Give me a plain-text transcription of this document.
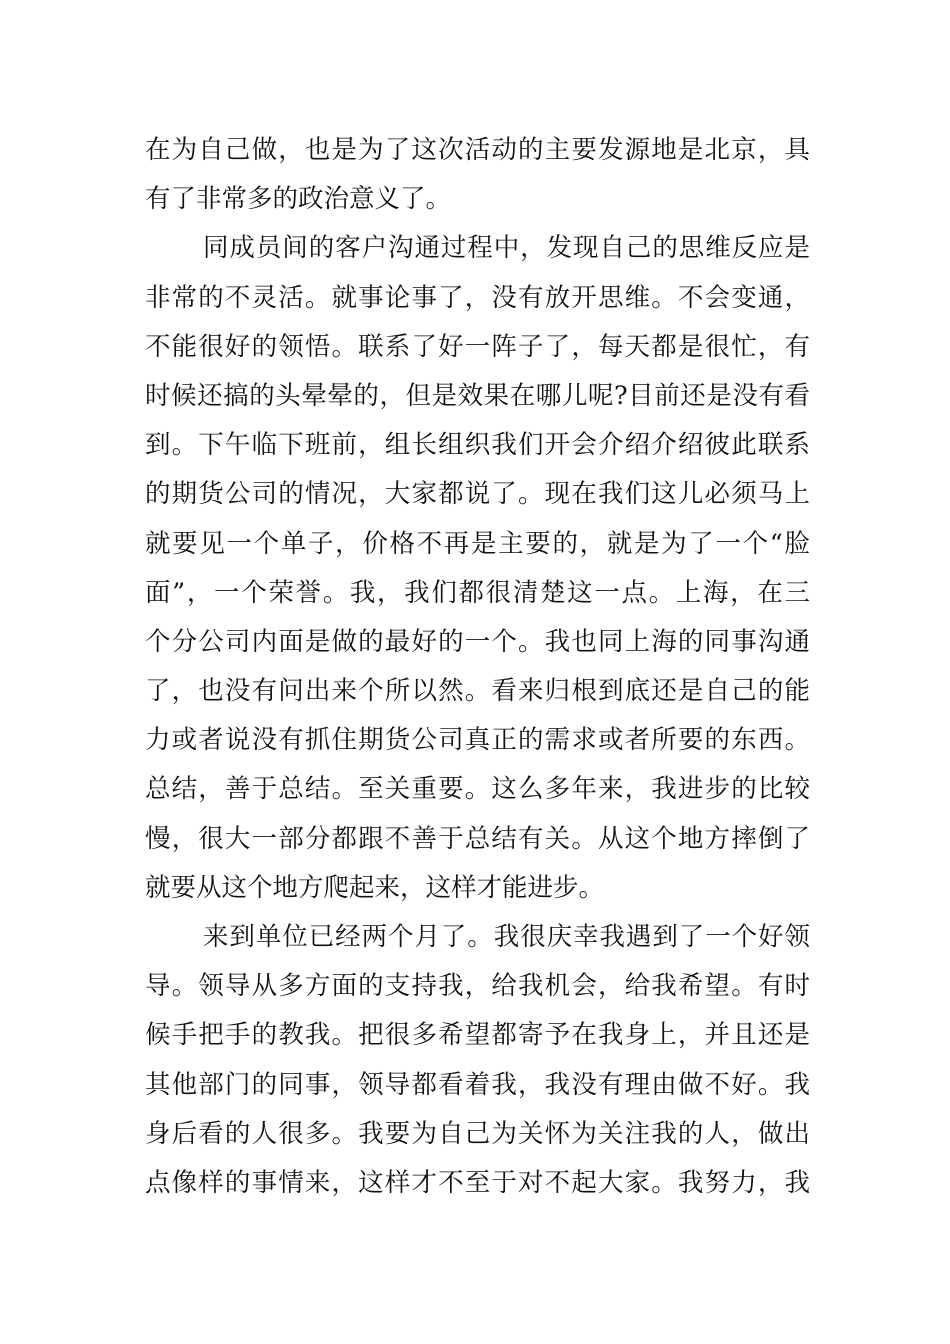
在为自己做，也是为了这次活动的主要发源地是北京，具
有了非常多的政治意义了。
同成员间的客户沟通过程中，发现自己的思维反应是
非常的不灵活。就事论事了，没有放开思维。不会变通，
不能很好的领悟。联系了好一阵子了，每天都是很忙，有
时候还搞的头晕晕的，但是效果在哪儿呢?目前还是没有看
到。下午临下班前，组长组织我们开会介绍介绍彼此联系
的期货公司的情况，大家都说了。现在我们这儿必须马上
就要见一个单子，价格不再是主要的，就是为了一个“脸
面”，一个荣誉。我，我们都很清楚这一点。上海，在三
个分公司内面是做的最好的一个。我也同上海的同事沟通
了，也没有问出来个所以然。看来归根到底还是自己的能
力或者说没有抓住期货公司真正的需求或者所要的东西。
总结，善于总结。至关重要。这么多年来，我进步的比较
慢，很大一部分都跟不善于总结有关。从这个地方摔倒了
就要从这个地方爬起来，这样才能进步。
来到单位已经两个月了。我很庆幸我遇到了一个好领
导。领导从多方面的支持我，给我机会，给我希望。有时
候手把手的教我。把很多希望都寄予在我身上，并且还是
其他部门的同事，领导都看着我，我没有理由做不好。我
身后看的人很多。我要为自己为关怀为关注我的人，做出
点像样的事情来，这样才不至于对不起大家。我努力，我
